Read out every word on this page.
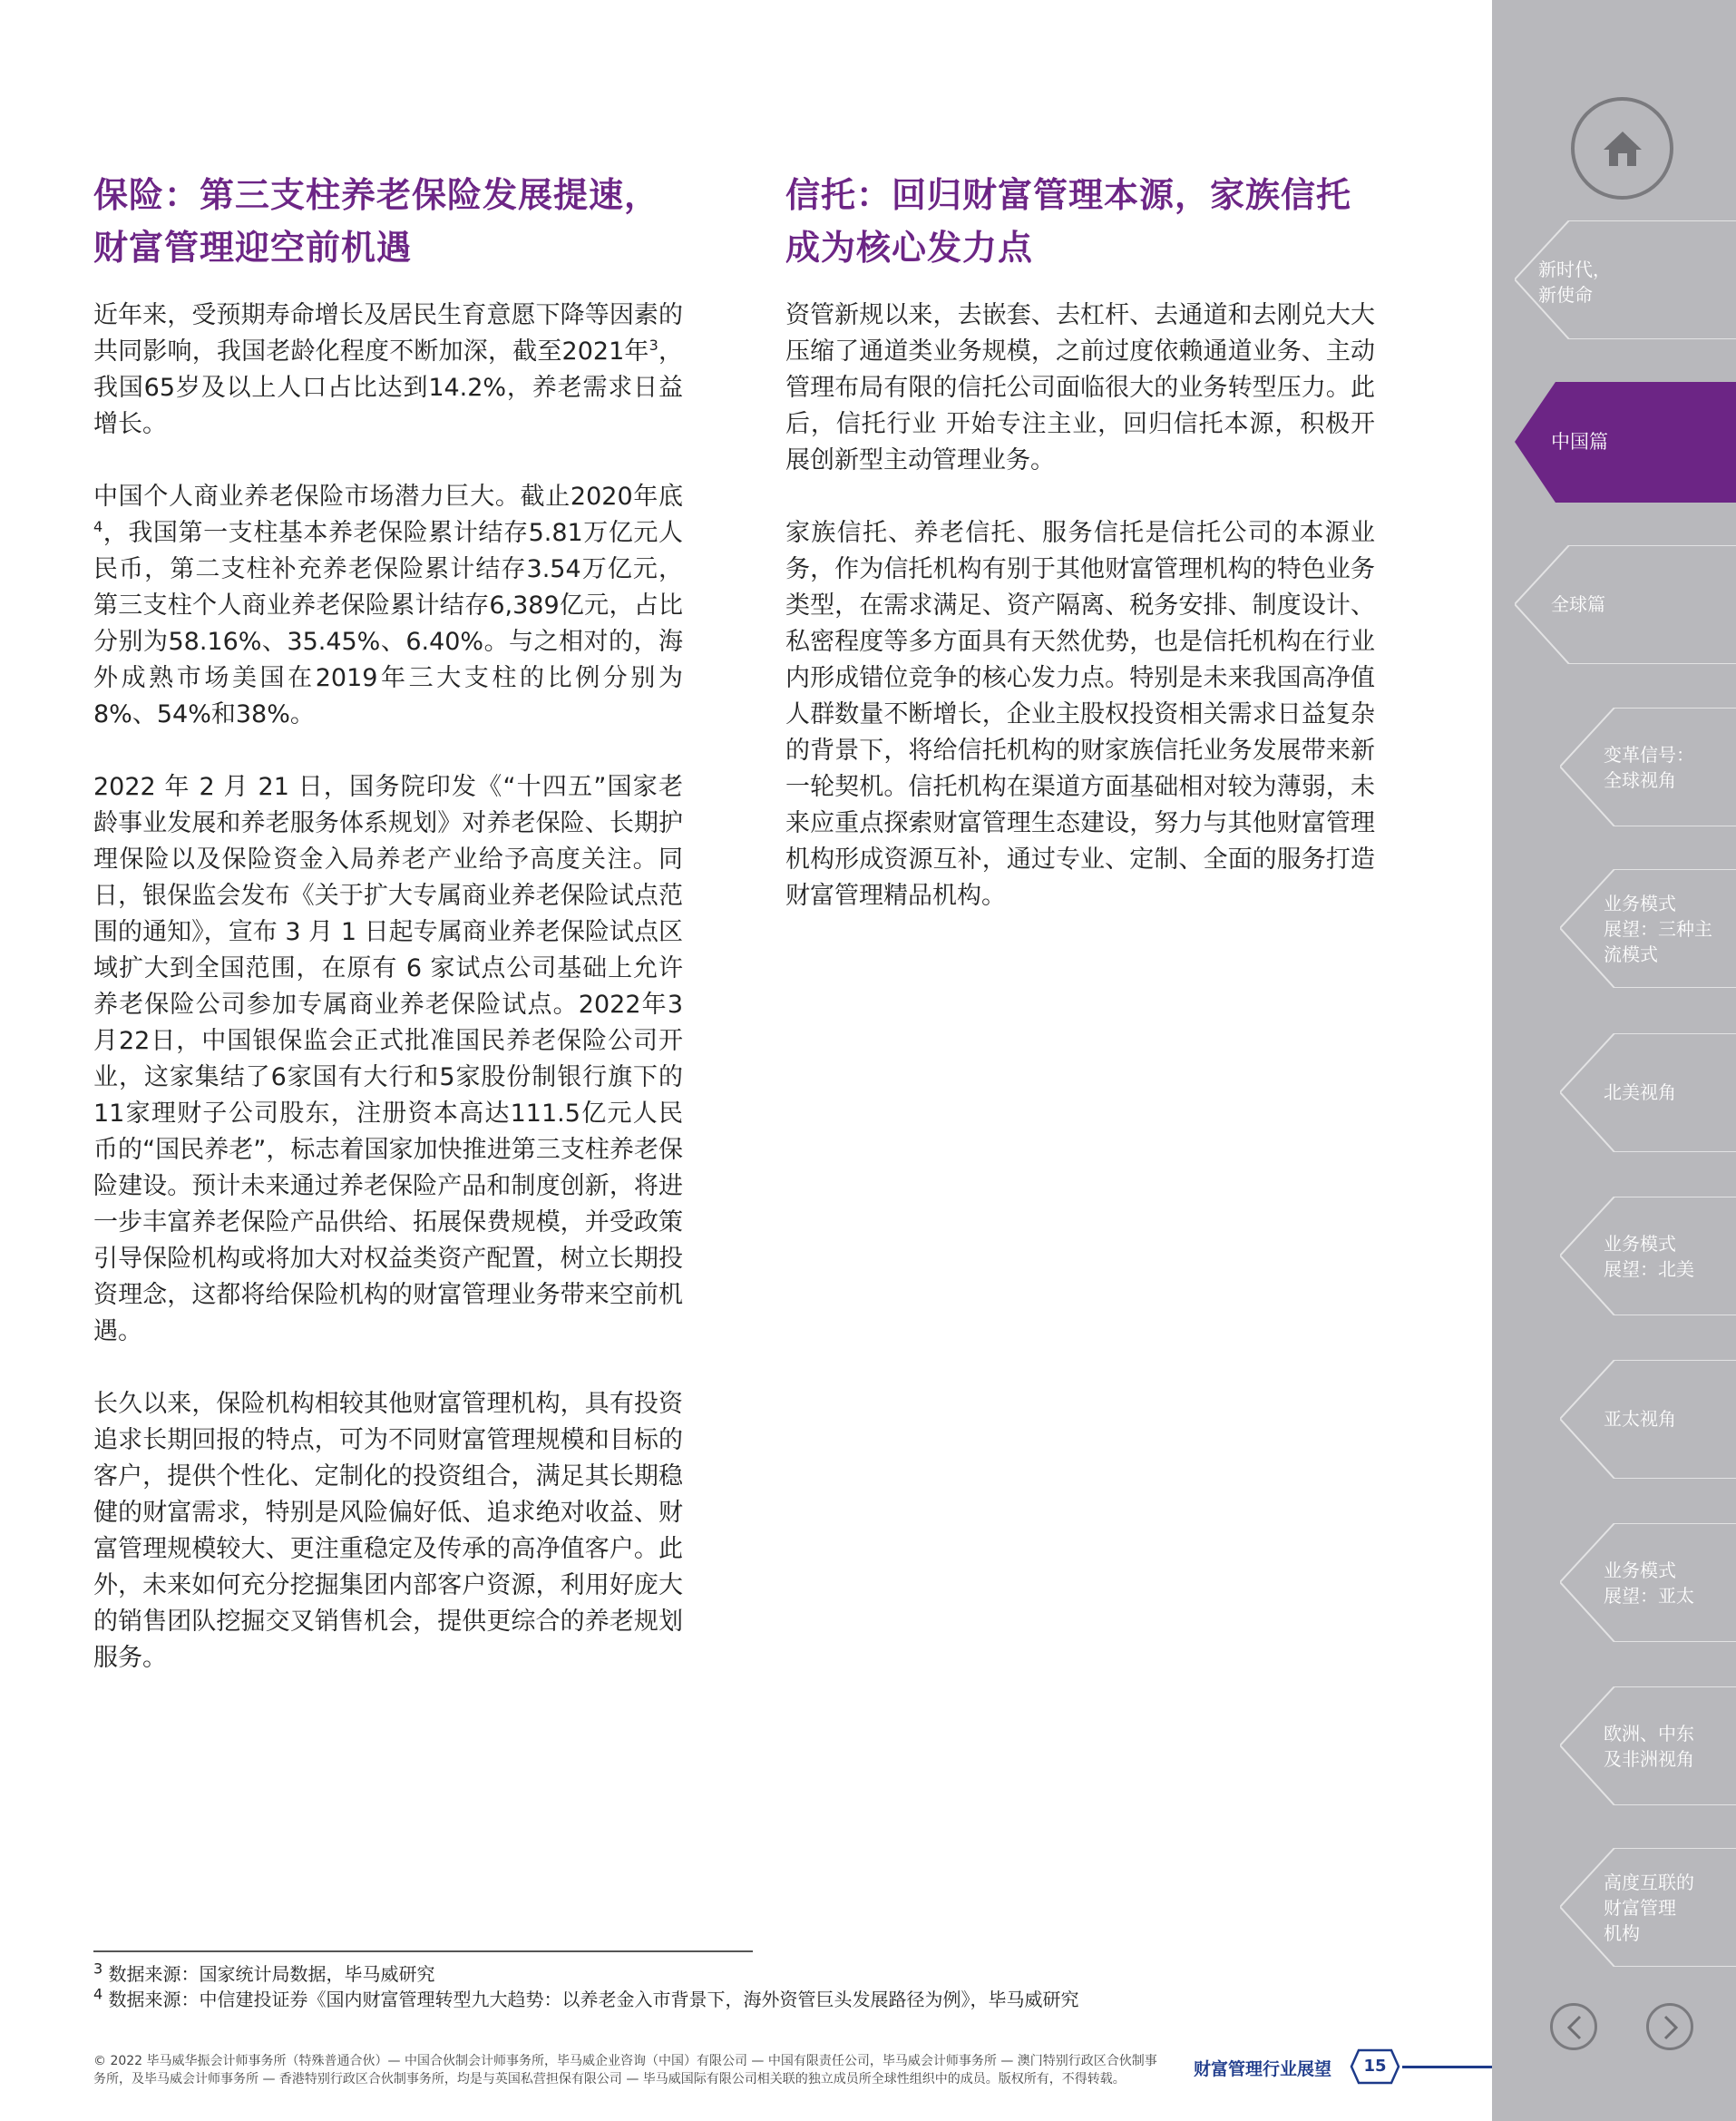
保险：第三支柱养老保险发展提速，
财富管理迎空前机遇

近年来，受预期寿命增长及居民生育意愿下降等因素的共同影响，我国老龄化程度不断加深，截至2021年$^3$，我国65岁及以上人口占比达到14.2%，养老需求日益增长。

中国个人商业养老保险市场潜力巨大。截止2020年底$^4$，我国第一支柱基本养老保险累计结存5.81万亿元人民币，第二支柱补充养老保险累计结存3.54万亿元，第三支柱个人商业养老保险累计结存6,389亿元，占比分别为58.16%、35.45%、6.40%。与之相对的，海外成熟市场美国在2019年三大支柱的比例分别为8%、54%和38%。

2022 年 2 月 21 日，国务院印发《“十四五”国家老龄事业发展和养老服务体系规划》对养老保险、长期护理保险以及保险资金入局养老产业给予高度关注。同日，银保监会发布《关于扩大专属商业养老保险试点范围的通知》，宣布 3 月 1 日起专属商业养老保险试点区域扩大到全国范围，在原有 6 家试点公司基础上允许养老保险公司参加专属商业养老保险试点。2022年3月22日，中国银保监会正式批准国民养老保险公司开业，这家集结了6家国有大行和5家股份制银行旗下的11家理财子公司股东，注册资本高达111.5亿元人民币的“国民养老”，标志着国家加快推进第三支柱养老保险建设。预计未来通过养老保险产品和制度创新，将进一步丰富养老保险产品供给、拓展保费规模，并受政策引导保险机构或将加大对权益类资产配置，树立长期投资理念，这都将给保险机构的财富管理业务带来空前机遇。

长久以来，保险机构相较其他财富管理机构，具有投资追求长期回报的特点，可为不同财富管理规模和目标的客户，提供个性化、定制化的投资组合，满足其长期稳健的财富需求，特别是风险偏好低、追求绝对收益、财富管理规模较大、更注重稳定及传承的高净值客户。此外，未来如何充分挖掘集团内部客户资源，利用好庞大的销售团队挖掘交叉销售机会，提供更综合的养老规划服务。

信托：回归财富管理本源，家族信托
成为核心发力点

资管新规以来，去嵌套、去杠杆、去通道和去刚兑大大压缩了通道类业务规模，之前过度依赖通道业务、主动管理布局有限的信托公司面临很大的业务转型压力。此后，信托行业 开始专注主业，回归信托本源，积极开展创新型主动管理业务。

家族信托、养老信托、服务信托是信托公司的本源业务，作为信托机构有别于其他财富管理机构的特色业务类型，在需求满足、资产隔离、税务安排、制度设计、私密程度等多方面具有天然优势，也是信托机构在行业内形成错位竞争的核心发力点。特别是未来我国高净值人群数量不断增长，企业主股权投资相关需求日益复杂的背景下，将给信托机构的财家族信托业务发展带来新一轮契机。信托机构在渠道方面基础相对较为薄弱，未来应重点探索财富管理生态建设，努力与其他财富管理机构形成资源互补，通过专业、定制、全面的服务打造财富管理精品机构。

$^3$ 数据来源：国家统计局数据，毕马威研究
$^4$ 数据来源：中信建投证券《国内财富管理转型九大趋势：以养老金入市背景下，海外资管巨头发展路径为例》，毕马威研究
© 2022 毕马威华振会计师事务所（特殊普通合伙）— 中国合伙制会计师事务所，毕马威企业咨询（中国）有限公司 — 中国有限责任公司，毕马威会计师事务所 — 澳门特别行政区合伙制事务所，及毕马威会计师事务所 — 香港特别行政区合伙制事务所，均是与英国私营担保有限公司 — 毕马威国际有限公司相关联的独立成员所全球性组织中的成员。版权所有，不得转载。	财富管理行业展望	15
新时代，
新使命
中国篇
全球篇
变革信号：
全球视角
业务模式
展望：三种主
流模式
北美视角
业务模式
展望：北美
亚太视角
业务模式
展望：亚太
欧洲、中东
及非洲视角
高度互联的
财富管理
机构
